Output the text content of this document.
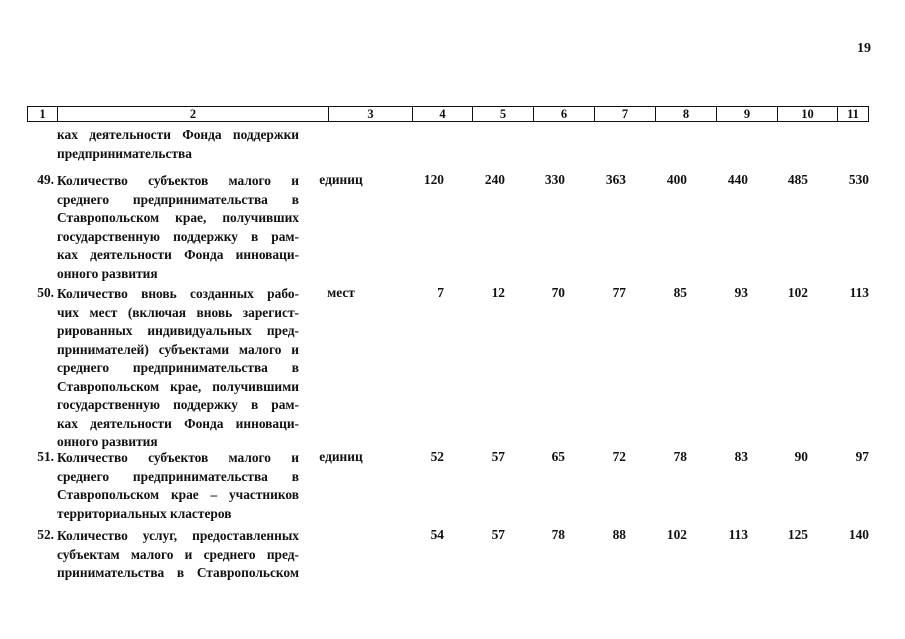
19
1	2	3	4	5	6	7	8	9	10	11
ках деятельности Фонда поддержки
предпринимательства
49. Количество субъектов малого и
среднего предпринимательства в
Ставропольском крае, получивших
государственную поддержку в рам-
ках деятельности Фонда инноваци-
онного развития
единиц	120	240	330	363	400	440	485	530
50. Количество вновь созданных рабо-
чих мест (включая вновь зарегист-
рированных индивидуальных пред-
принимателей) субъектами малого и
среднего предпринимательства в
Ставропольском крае, получившими
государственную поддержку в рам-
ках деятельности Фонда инноваци-
онного развития
мест	7	12	70	77	85	93	102	113
51. Количество субъектов малого и
среднего предпринимательства в
Ставропольском крае – участников
территориальных кластеров
единиц	52	57	65	72	78	83	90	97
52. Количество услуг, предоставленных
субъектам малого и среднего пред-
принимательства в Ставропольском
54	57	78	88	102	113	125	140
